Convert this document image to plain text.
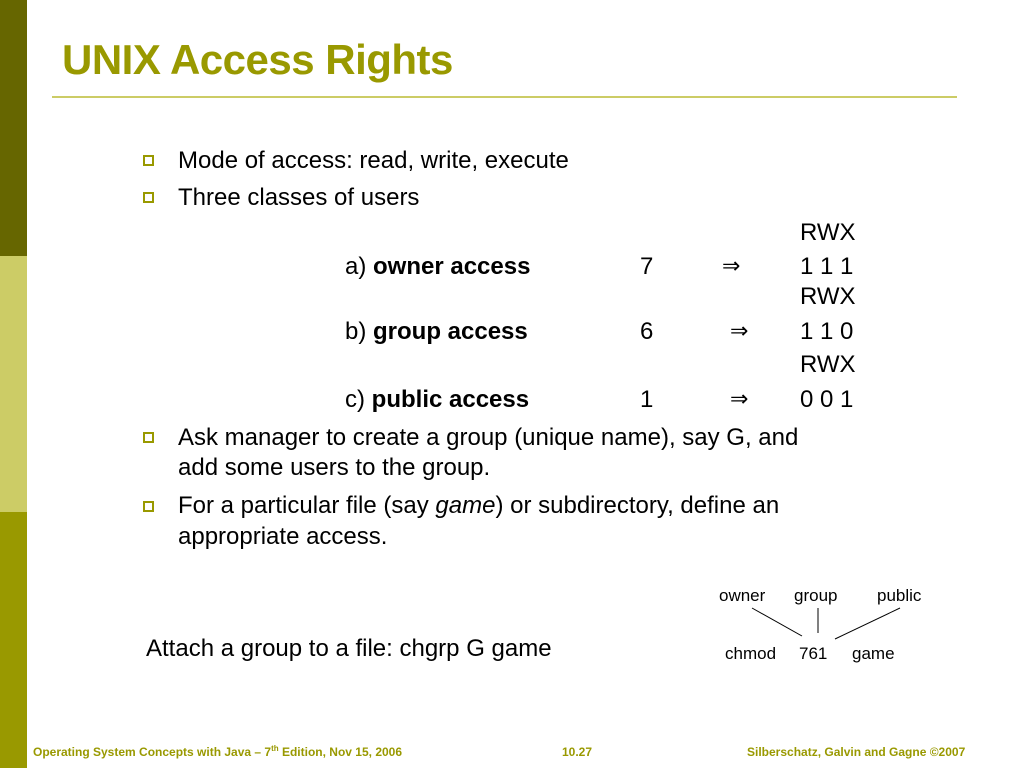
UNIX Access Rights
Mode of access: read, write, execute
Three classes of users
RWX
a) owner access	7	⇒ 1 1 1
RWX
b) group access	6	⇒ 1 1 0
RWX
c) public access	1	⇒ 0 0 1
Ask manager to create a group (unique name), say G, and
add some users to the group.
For a particular file (say game) or subdirectory, define an
appropriate access.
Attach a group to a file: chgrp G game
owner group public
chmod 761 game
Operating System Concepts with Java – 7th Edition, Nov 15, 2006	10.27	Silberschatz, Galvin and Gagne ©2007
